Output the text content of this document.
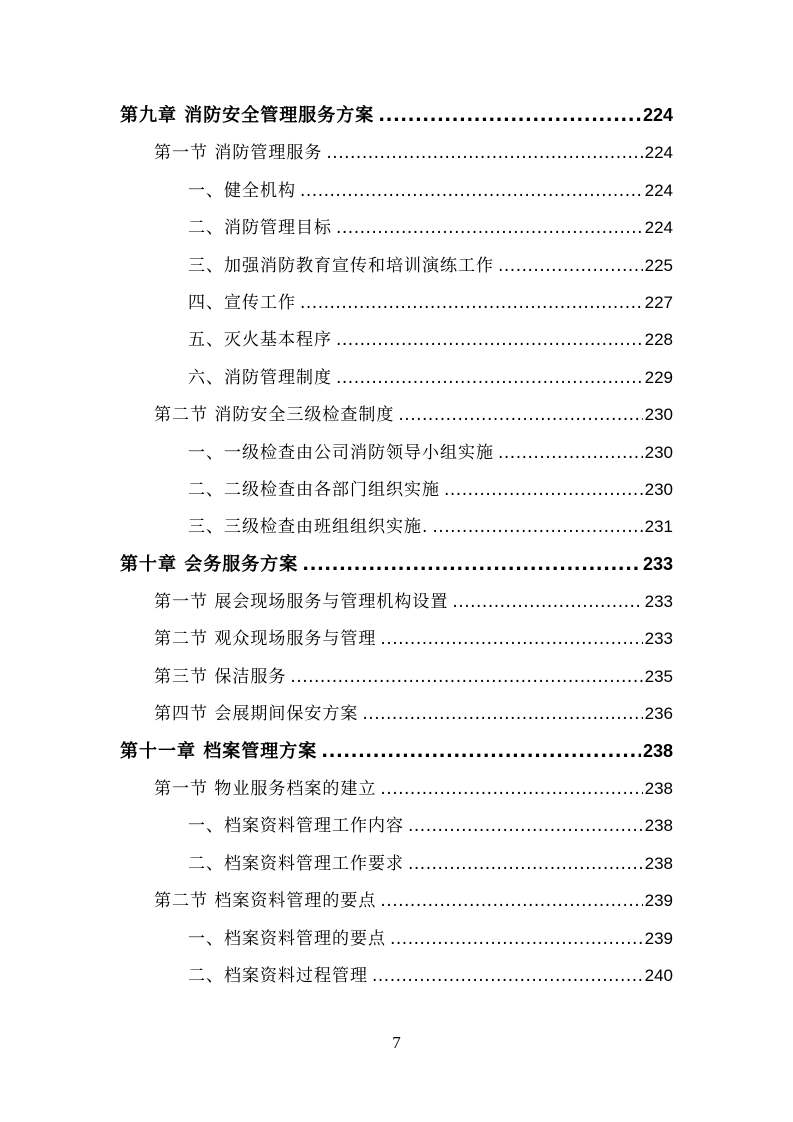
第九章 消防安全管理服务方案 .....	224
第一节 消防管理服务 .....	224
一、健全机构 .....	224
二、消防管理目标 .....	224
三、加强消防教育宣传和培训演练工作 .....	225
四、宣传工作 .....	227
五、灭火基本程序 .....	228
六、消防管理制度 .....	229
第二节 消防安全三级检查制度 .....	230
一、一级检查由公司消防领导小组实施 .....	230
二、二级检查由各部门组织实施 .....	230
三、三级检查由班组组织实施. .....	231
第十章 会务服务方案 .....	233
第一节 展会现场服务与管理机构设置 .....	233
第二节 观众现场服务与管理 .....	233
第三节 保洁服务 .....	235
第四节 会展期间保安方案 .....	236
第十一章 档案管理方案 .....	238
第一节 物业服务档案的建立 .....	238
一、档案资料管理工作内容 .....	238
二、档案资料管理工作要求 .....	238
第二节 档案资料管理的要点 .....	239
一、档案资料管理的要点 .....	239
二、档案资料过程管理 .....	240
7
